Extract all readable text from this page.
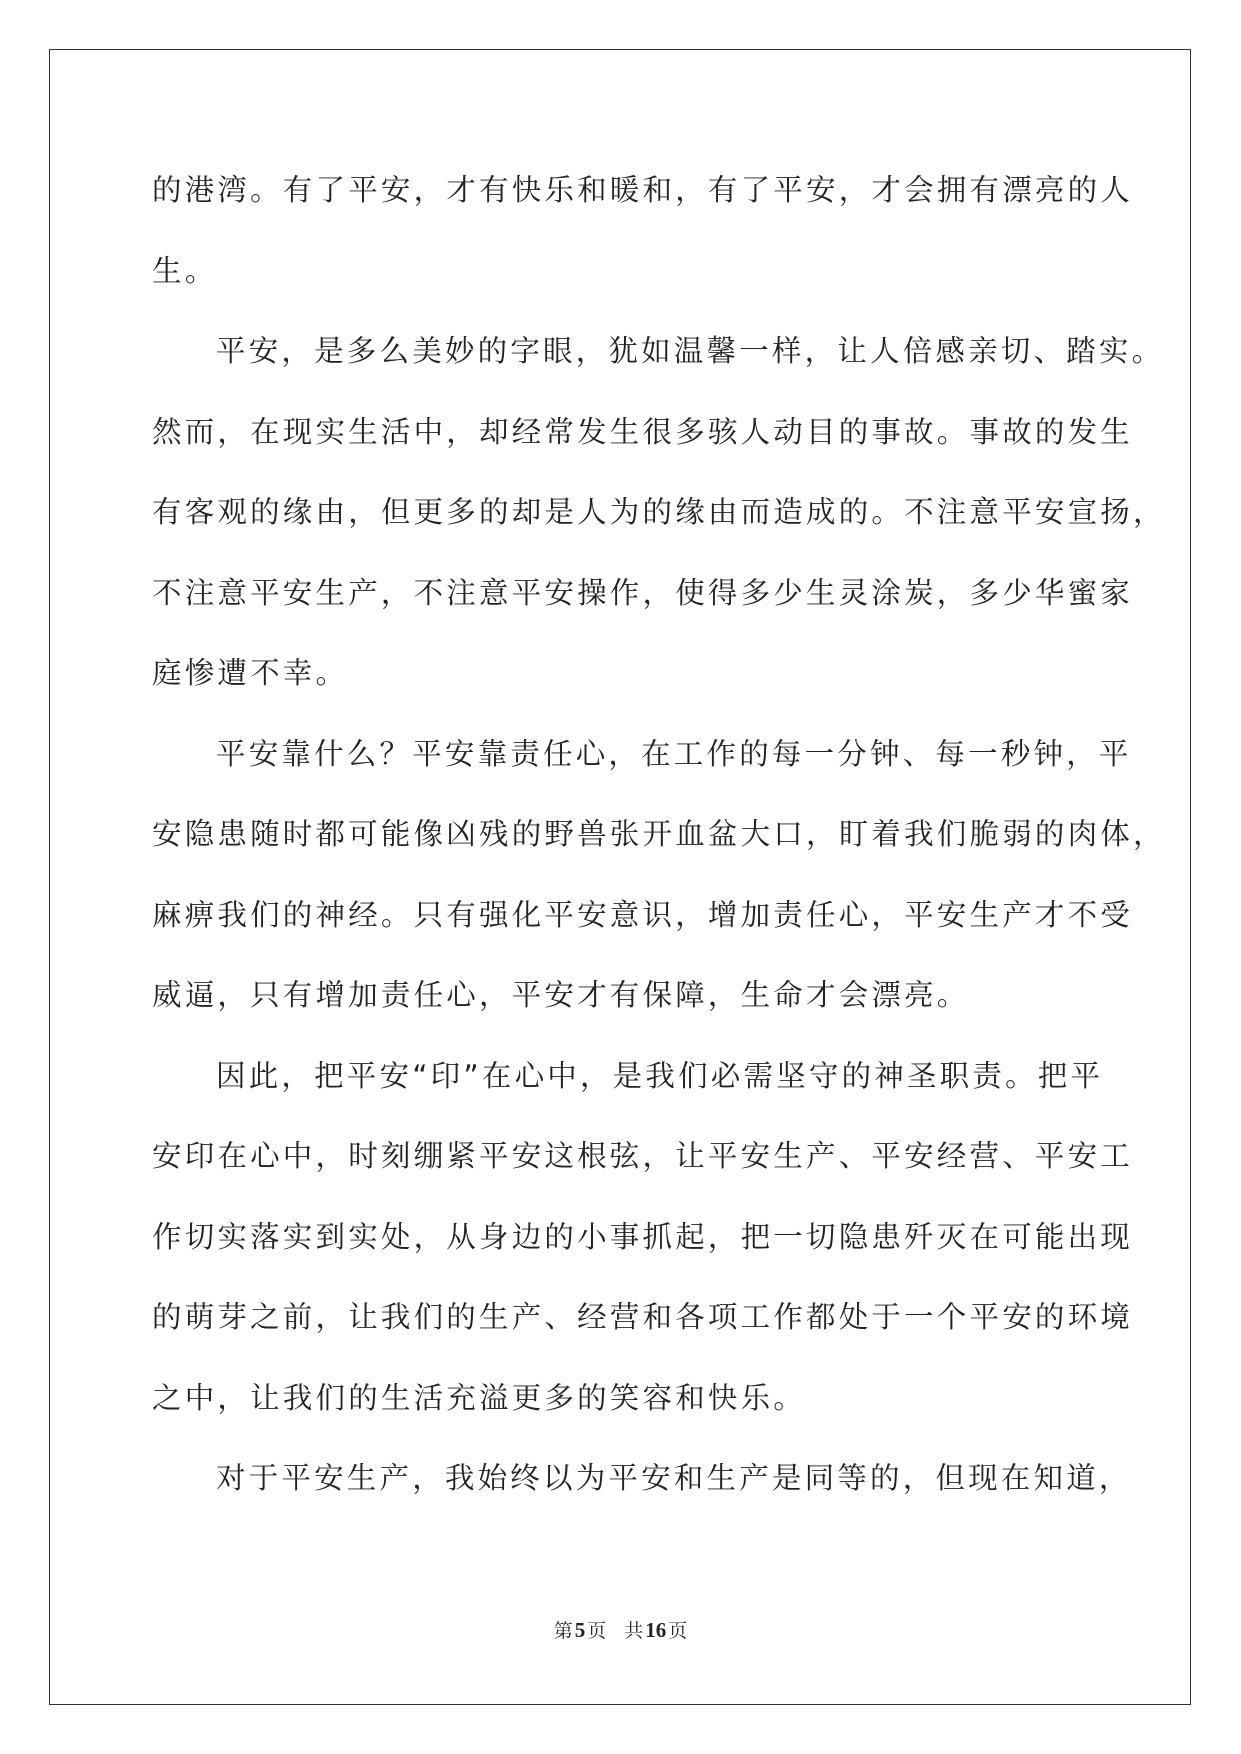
的港湾。有了平安，才有快乐和暖和，有了平安，才会拥有漂亮的人
生。
平安，是多么美妙的字眼，犹如温馨一样，让人倍感亲切、踏实。
然而，在现实生活中，却经常发生很多骇人动目的事故。事故的发生
有客观的缘由，但更多的却是人为的缘由而造成的。不注意平安宣扬，
不注意平安生产，不注意平安操作，使得多少生灵涂炭，多少华蜜家
庭惨遭不幸。
平安靠什么？平安靠责任心，在工作的每一分钟、每一秒钟，平
安隐患随时都可能像凶残的野兽张开血盆大口，盯着我们脆弱的肉体，
麻痹我们的神经。只有强化平安意识，增加责任心，平安生产才不受
威逼，只有增加责任心，平安才有保障，生命才会漂亮。
因此，把平安“印”在心中，是我们必需坚守的神圣职责。把平
安印在心中，时刻绷紧平安这根弦，让平安生产、平安经营、平安工
作切实落实到实处，从身边的小事抓起，把一切隐患歼灭在可能出现
的萌芽之前，让我们的生产、经营和各项工作都处于一个平安的环境
之中，让我们的生活充溢更多的笑容和快乐。
对于平安生产，我始终以为平安和生产是同等的，但现在知道，
第5 页 共16 页
